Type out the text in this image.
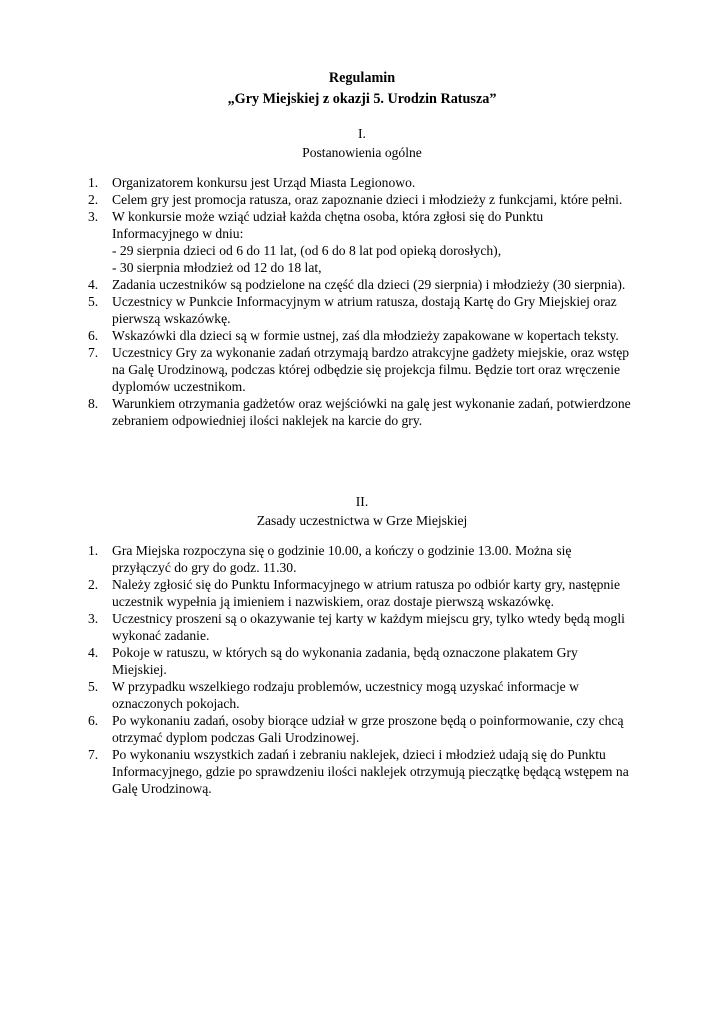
Regulamin
„Gry Miejskiej z okazji 5. Urodzin Ratusza”
I.
Postanowienia ogólne
1. Organizatorem konkursu jest Urząd Miasta Legionowo.
2. Celem gry jest promocja ratusza, oraz zapoznanie dzieci i młodzieży z funkcjami, które pełni.
3. W konkursie może wziąć udział każda chętna osoba, która zgłosi się do Punktu Informacyjnego w dniu:
- 29 sierpnia dzieci od 6 do 11 lat, (od 6 do 8 lat pod opieką dorosłych),
- 30 sierpnia młodzież od 12 do 18 lat,
4. Zadania uczestników są podzielone na część dla dzieci (29 sierpnia) i młodzieży (30 sierpnia).
5. Uczestnicy w Punkcie Informacyjnym w atrium ratusza, dostają Kartę do Gry Miejskiej oraz pierwszą wskazówkę.
6. Wskazówki dla dzieci są w formie ustnej, zaś dla młodzieży zapakowane w kopertach teksty.
7. Uczestnicy Gry za wykonanie zadań otrzymają bardzo atrakcyjne gadżety miejskie, oraz wstęp na Galę Urodzinową, podczas której odbędzie się projekcja filmu. Będzie tort oraz wręczenie dyplomów uczestnikom.
8. Warunkiem otrzymania gadżetów oraz wejściówki na galę jest wykonanie zadań, potwierdzone zebraniem odpowiedniej ilości naklejek na karcie do gry.
II.
Zasady uczestnictwa w Grze Miejskiej
1. Gra Miejska rozpoczyna się o godzinie 10.00, a kończy o godzinie 13.00. Można się przyłączyć do gry do godz. 11.30.
2. Należy zgłosić się do Punktu Informacyjnego w atrium ratusza po odbiór karty gry, następnie uczestnik wypełnia ją imieniem i nazwiskiem, oraz dostaje pierwszą wskazówkę.
3. Uczestnicy proszeni są o okazywanie tej karty w każdym miejscu gry, tylko wtedy będą mogli wykonać zadanie.
4. Pokoje w ratuszu, w których są do wykonania zadania, będą oznaczone plakatem Gry Miejskiej.
5. W przypadku wszelkiego rodzaju problemów, uczestnicy mogą uzyskać informacje w oznaczonych pokojach.
6. Po wykonaniu zadań, osoby biorące udział w grze proszone będą o poinformowanie, czy chcą otrzymać dyplom podczas Gali Urodzinowej.
7. Po wykonaniu wszystkich zadań i zebraniu naklejek, dzieci i młodzież udają się do Punktu Informacyjnego, gdzie po sprawdzeniu ilości naklejek otrzymują pieczątkę będącą wstępem na Galę Urodzinową.
